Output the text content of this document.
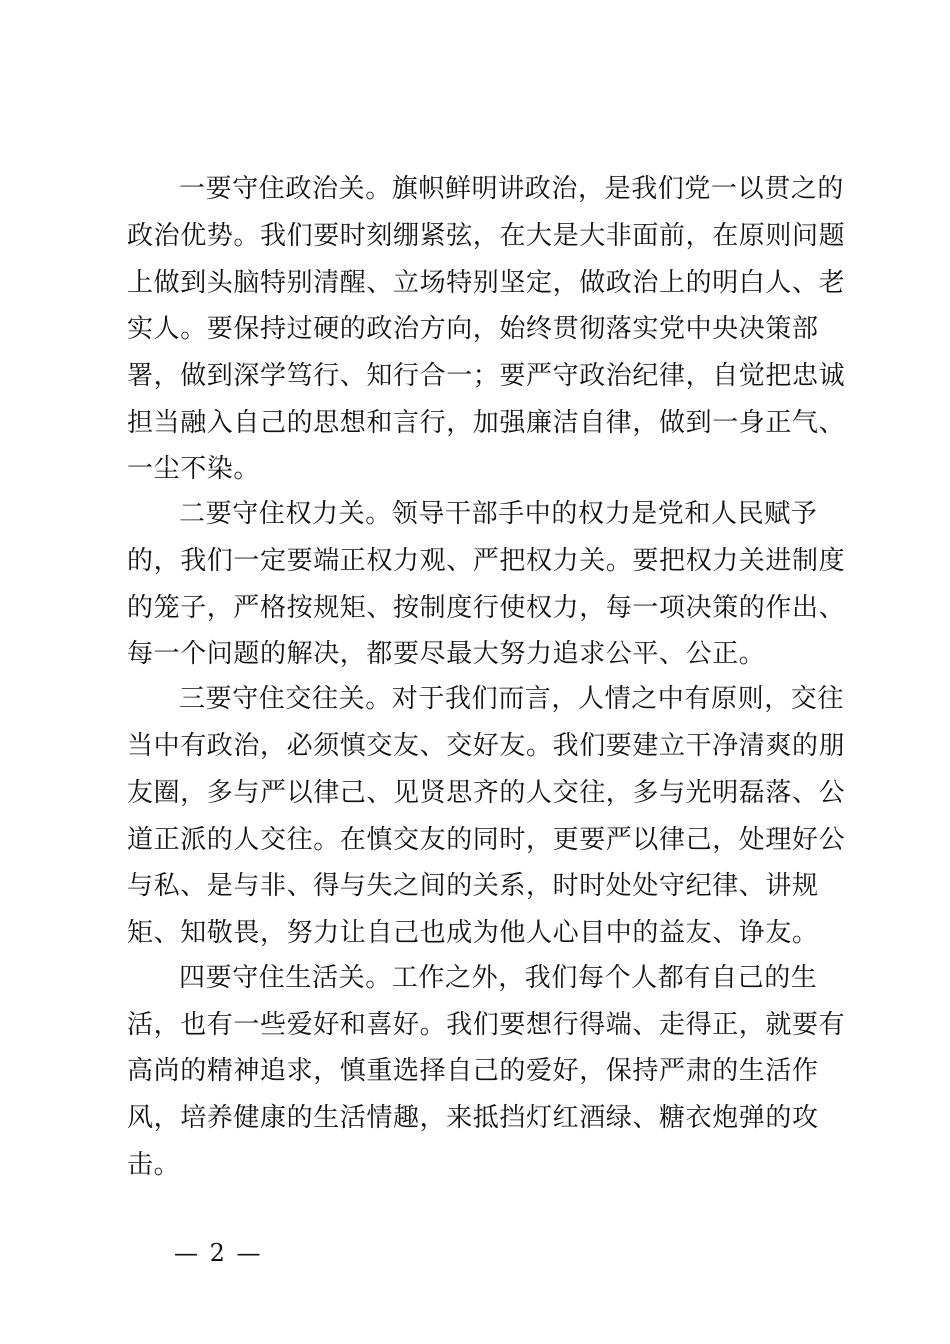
一要守住政治关。旗帜鲜明讲政治，是我们党一以贯之的
政治优势。我们要时刻绷紧弦，在大是大非面前，在原则问题
上做到头脑特别清醒、立场特别坚定，做政治上的明白人、老
实人。要保持过硬的政治方向，始终贯彻落实党中央决策部
署，做到深学笃行、知行合一；要严守政治纪律，自觉把忠诚
担当融入自己的思想和言行，加强廉洁自律，做到一身正气、
一尘不染。
二要守住权力关。领导干部手中的权力是党和人民赋予
的，我们一定要端正权力观、严把权力关。要把权力关进制度
的笼子，严格按规矩、按制度行使权力，每一项决策的作出、
每一个问题的解决，都要尽最大努力追求公平、公正。
三要守住交往关。对于我们而言，人情之中有原则，交往
当中有政治，必须慎交友、交好友。我们要建立干净清爽的朋
友圈，多与严以律己、见贤思齐的人交往，多与光明磊落、公
道正派的人交往。在慎交友的同时，更要严以律己，处理好公
与私、是与非、得与失之间的关系，时时处处守纪律、讲规
矩、知敬畏，努力让自己也成为他人心目中的益友、诤友。
四要守住生活关。工作之外，我们每个人都有自己的生
活，也有一些爱好和喜好。我们要想行得端、走得正，就要有
高尚的精神追求，慎重选择自己的爱好，保持严肃的生活作
风，培养健康的生活情趣，来抵挡灯红酒绿、糖衣炮弹的攻
击。
— 2 —
